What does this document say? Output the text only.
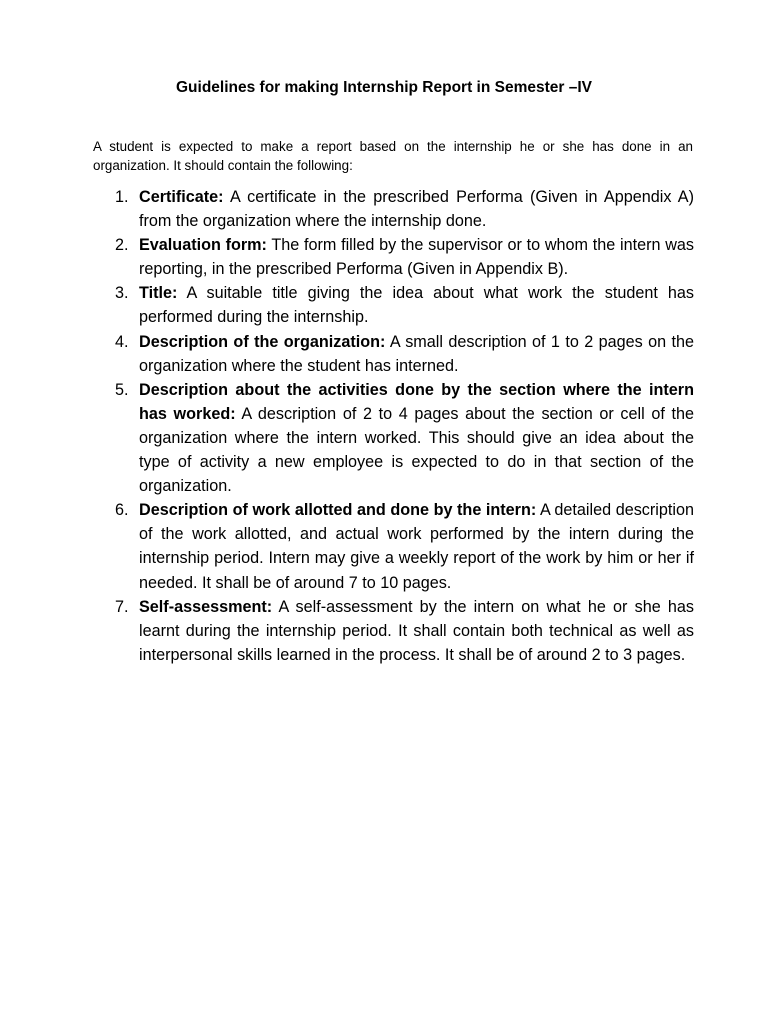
Guidelines for making Internship Report in Semester –IV
A student is expected to make a report based on the internship he or she has done in an organization. It should contain the following:
1. Certificate: A certificate in the prescribed Performa (Given in Appendix A) from the organization where the internship done.
2. Evaluation form: The form filled by the supervisor or to whom the intern was reporting, in the prescribed Performa (Given in Appendix B).
3. Title: A suitable title giving the idea about what work the student has performed during the internship.
4. Description of the organization: A small description of 1 to 2 pages on the organization where the student has interned.
5. Description about the activities done by the section where the intern has worked: A description of 2 to 4 pages about the section or cell of the organization where the intern worked. This should give an idea about the type of activity a new employee is expected to do in that section of the organization.
6. Description of work allotted and done by the intern: A detailed description of the work allotted, and actual work performed by the intern during the internship period. Intern may give a weekly report of the work by him or her if needed. It shall be of around 7 to 10 pages.
7. Self-assessment: A self-assessment by the intern on what he or she has learnt during the internship period. It shall contain both technical as well as interpersonal skills learned in the process. It shall be of around 2 to 3 pages.
